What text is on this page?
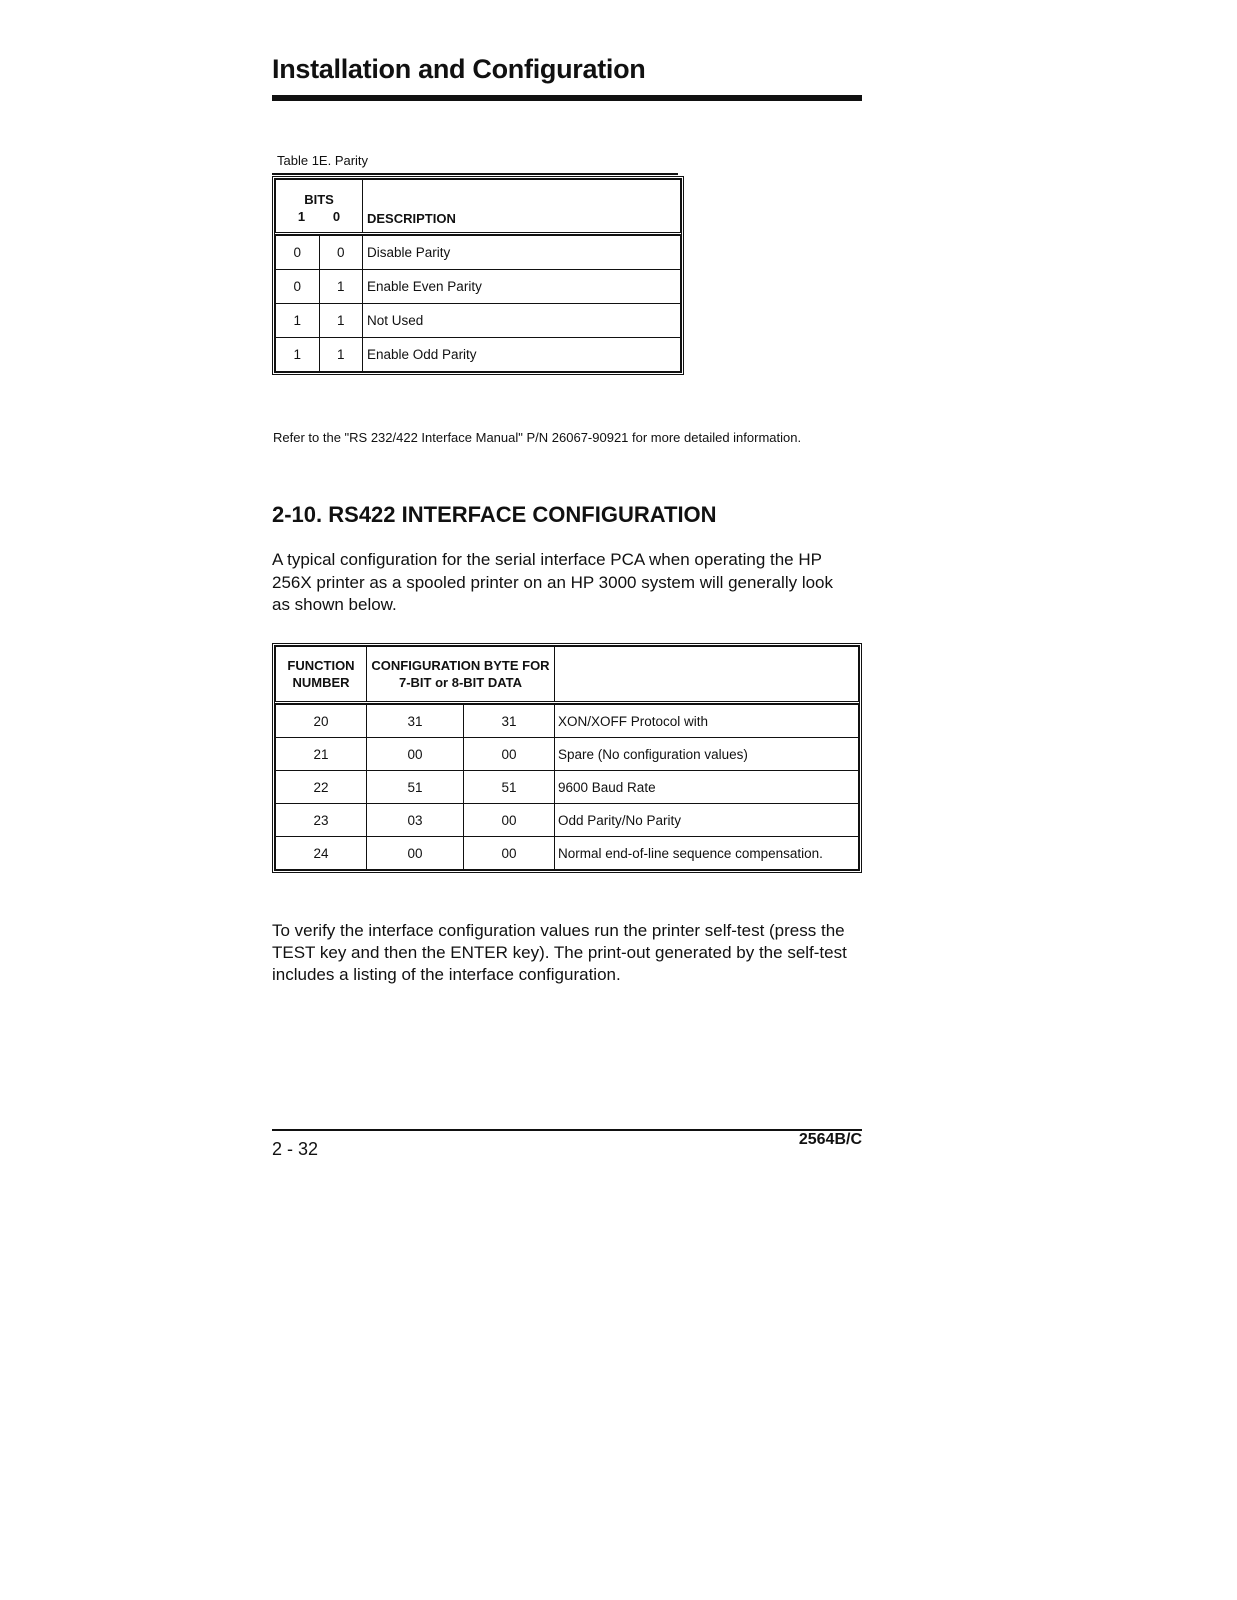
Installation and Configuration
Table 1E. Parity
BITS
1 0		DESCRIPTION

0	0	Disable Parity
0	1	Enable Even Parity
1	1	Not Used
1	1	Enable Odd Parity
Refer to the "RS 232/422 Interface Manual" P/N 26067-90921 for more detailed information.
2-10. RS422 INTERFACE CONFIGURATION
A typical configuration for the serial interface PCA when operating the HP 256X printer as a spooled printer on an HP 3000 system will generally look as shown below.
FUNCTION NUMBER	CONFIGURATION BYTE FOR 7-BIT or 8-BIT DATA		

20	31	31	XON/XOFF Protocol with
21	00	00	Spare (No configuration values)
22	51	51	9600 Baud Rate
23	03	00	Odd Parity/No Parity
24	00	00	Normal end-of-line sequence compensation.
To verify the interface configuration values run the printer self-test (press the TEST key and then the ENTER key). The print-out generated by the self-test includes a listing of the interface configuration.
2 - 32	2564B/C
